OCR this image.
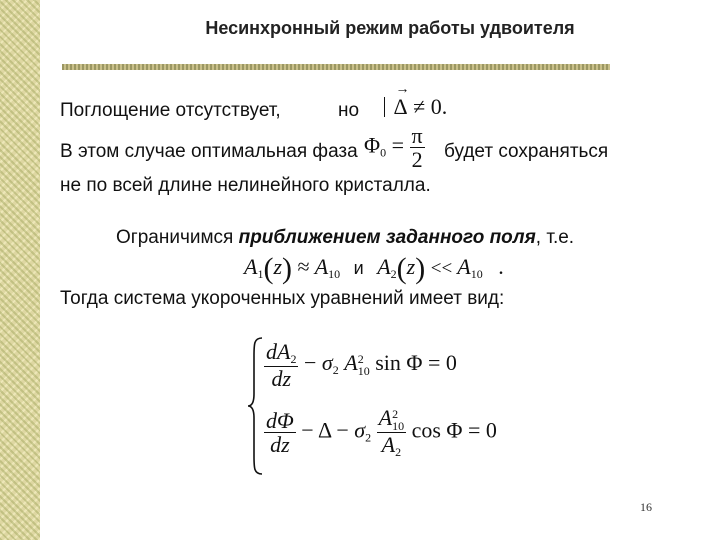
Несинхронный режим работы удвоителя
Поглощение отсутствует,	но

→
Δ ≠ 0.
В этом случае оптимальная фаза $\Phi_0 = \frac{\pi}{2}$ будет сохраняться
не по всей длине нелинейного кристалла.
Ограничимся приближением заданного поля, т.е.
$A_1(z) \approx A_{10}$ и $A_2(z) << A_{10}$ .
Тогда система укороченных уравнений имеет вид:
$\frac{dA_2}{dz} - \sigma_2$ A 2
10 sin Φ = 0
$\frac{d\Phi}{dz} - \Delta - \sigma_2$ A 2
10
$A_2$ cos Φ = 0
16
